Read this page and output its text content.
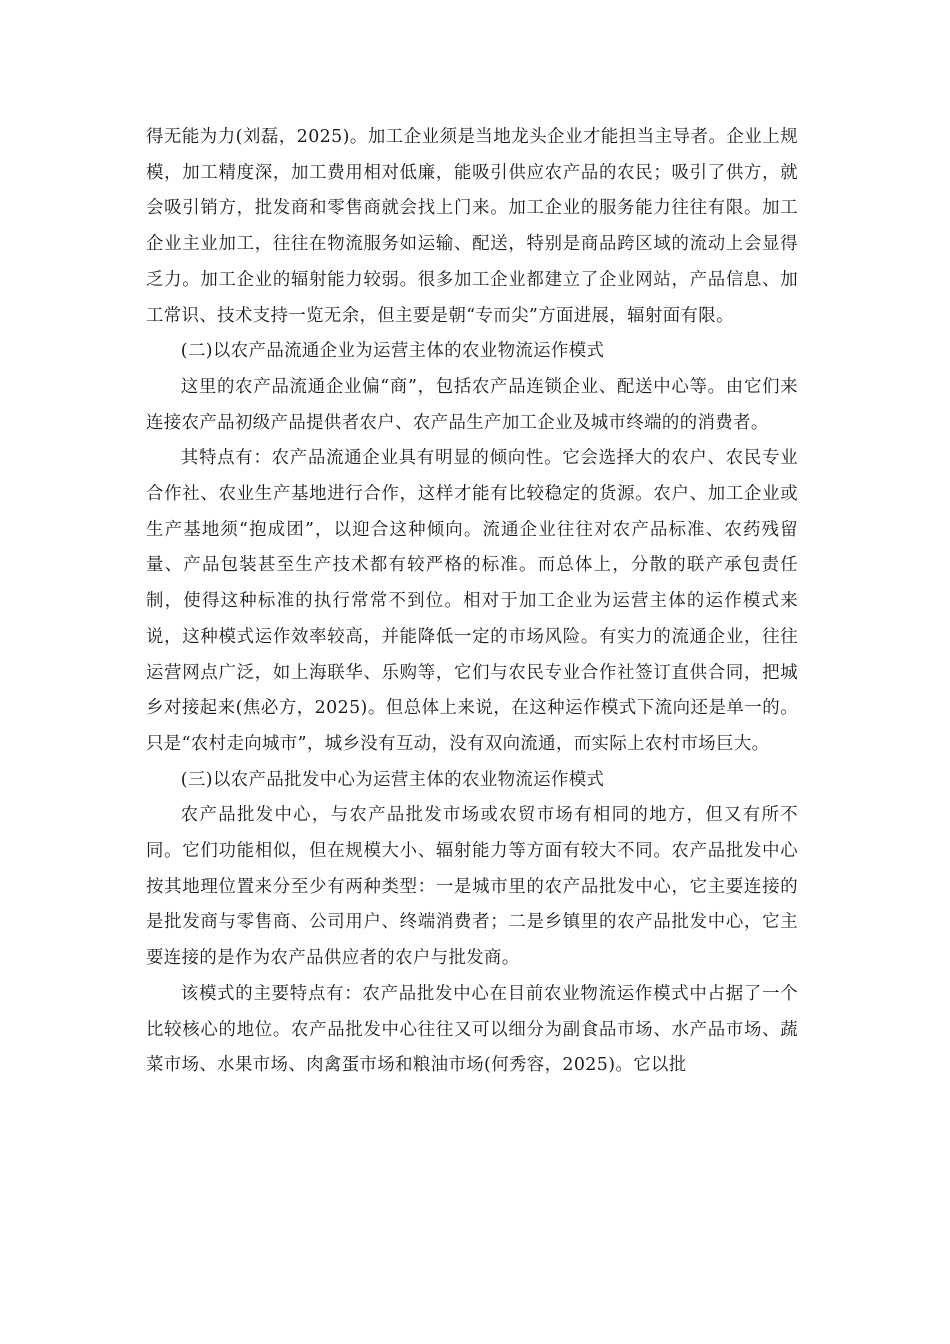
得无能为力(刘磊，2025)。加工企业须是当地龙头企业才能担当主导者。企业上规模，加工精度深，加工费用相对低廉，能吸引供应农产品的农民；吸引了供方，就会吸引销方，批发商和零售商就会找上门来。加工企业的服务能力往往有限。加工企业主业加工，往往在物流服务如运输、配送，特别是商品跨区域的流动上会显得乏力。加工企业的辐射能力较弱。很多加工企业都建立了企业网站，产品信息、加工常识、技术支持一览无余，但主要是朝“专而尖”方面进展，辐射面有限。

(二)以农产品流通企业为运营主体的农业物流运作模式

这里的农产品流通企业偏“商”，包括农产品连锁企业、配送中心等。由它们来连接农产品初级产品提供者农户、农产品生产加工企业及城市终端的的消费者。

其特点有：农产品流通企业具有明显的倾向性。它会选择大的农户、农民专业合作社、农业生产基地进行合作，这样才能有比较稳定的货源。农户、加工企业或生产基地须“抱成团”，以迎合这种倾向。流通企业往往对农产品标准、农药残留量、产品包装甚至生产技术都有较严格的标准。而总体上，分散的联产承包责任制，使得这种标准的执行常常不到位。相对于加工企业为运营主体的运作模式来说，这种模式运作效率较高，并能降低一定的市场风险。有实力的流通企业，往往运营网点广泛，如上海联华、乐购等，它们与农民专业合作社签订直供合同，把城乡对接起来(焦必方，2025)。但总体上来说，在这种运作模式下流向还是单一的。只是“农村走向城市”，城乡没有互动，没有双向流通，而实际上农村市场巨大。

(三)以农产品批发中心为运营主体的农业物流运作模式

农产品批发中心，与农产品批发市场或农贸市场有相同的地方，但又有所不同。它们功能相似，但在规模大小、辐射能力等方面有较大不同。农产品批发中心按其地理位置来分至少有两种类型：一是城市里的农产品批发中心，它主要连接的是批发商与零售商、公司用户、终端消费者；二是乡镇里的农产品批发中心，它主要连接的是作为农产品供应者的农户与批发商。

该模式的主要特点有：农产品批发中心在目前农业物流运作模式中占据了一个比较核心的地位。农产品批发中心往往又可以细分为副食品市场、水产品市场、蔬菜市场、水果市场、肉禽蛋市场和粮油市场(何秀容，2025)。它以批
